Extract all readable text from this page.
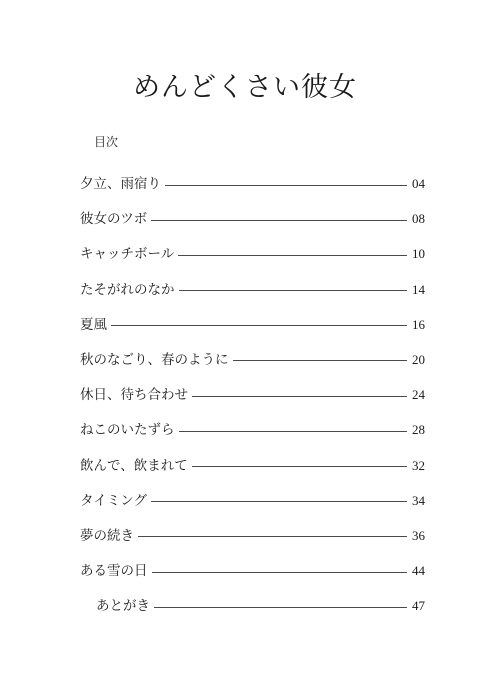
めんどくさい彼女
目次
夕立、雨宿り	04
彼女のツボ	08
キャッチボール	10
たそがれのなか	14
夏風	16
秋のなごり、春のように	20
休日、待ち合わせ	24
ねこのいたずら	28
飲んで、飲まれて	32
タイミング	34
夢の続き	36
ある雪の日	44
あとがき	47
